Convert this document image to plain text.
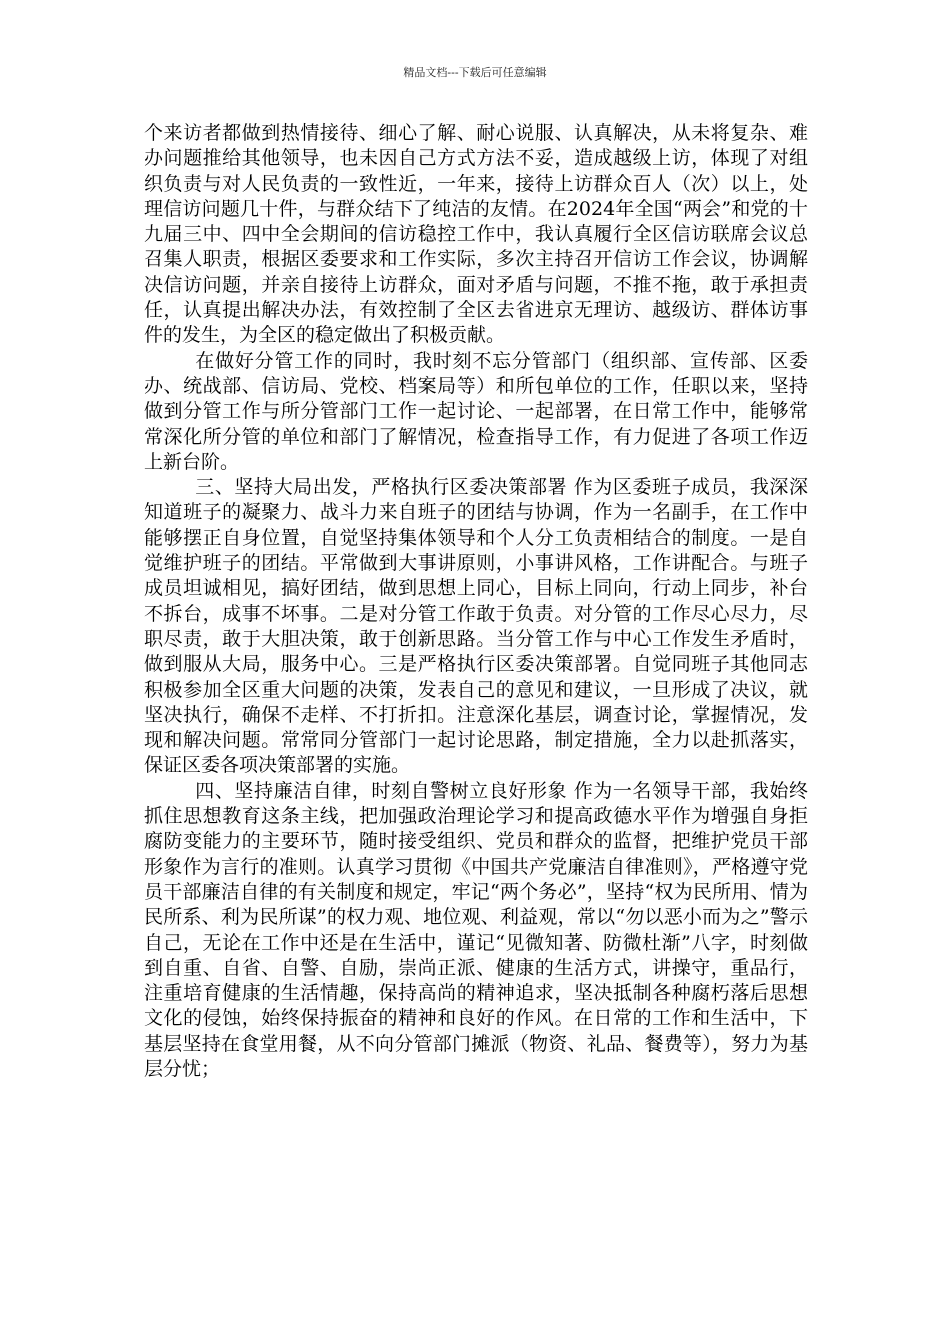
精品文档---下载后可任意编辑

个来访者都做到热情接待、细心了解、耐心说服、认真解决，从未将复杂、难办问题推给其他领导，也未因自己方式方法不妥，造成越级上访，体现了对组织负责与对人民负责的一致性近，一年来，接待上访群众百人（次）以上，处理信访问题几十件，与群众结下了纯洁的友情。在2024年全国“两会”和党的十九届三中、四中全会期间的信访稳控工作中，我认真履行全区信访联席会议总召集人职责，根据区委要求和工作实际，多次主持召开信访工作会议，协调解决信访问题，并亲自接待上访群众，面对矛盾与问题，不推不拖，敢于承担责任，认真提出解决办法，有效控制了全区去省进京无理访、越级访、群体访事件的发生，为全区的稳定做出了积极贡献。

在做好分管工作的同时，我时刻不忘分管部门（组织部、宣传部、区委办、统战部、信访局、党校、档案局等）和所包单位的工作，任职以来，坚持做到分管工作与所分管部门工作一起讨论、一起部署，在日常工作中，能够常常深化所分管的单位和部门了解情况，检查指导工作，有力促进了各项工作迈上新台阶。

三、坚持大局出发，严格执行区委决策部署 作为区委班子成员，我深深知道班子的凝聚力、战斗力来自班子的团结与协调，作为一名副手，在工作中能够摆正自身位置，自觉坚持集体领导和个人分工负责相结合的制度。一是自觉维护班子的团结。平常做到大事讲原则，小事讲风格，工作讲配合。与班子成员坦诚相见，搞好团结，做到思想上同心，目标上同向，行动上同步，补台不拆台，成事不坏事。二是对分管工作敢于负责。对分管的工作尽心尽力，尽职尽责，敢于大胆决策，敢于创新思路。当分管工作与中心工作发生矛盾时，做到服从大局，服务中心。三是严格执行区委决策部署。自觉同班子其他同志积极参加全区重大问题的决策，发表自己的意见和建议，一旦形成了决议，就坚决执行，确保不走样、不打折扣。注意深化基层，调查讨论，掌握情况，发现和解决问题。常常同分管部门一起讨论思路，制定措施，全力以赴抓落实，保证区委各项决策部署的实施。

四、坚持廉洁自律，时刻自警树立良好形象 作为一名领导干部，我始终抓住思想教育这条主线，把加强政治理论学习和提高政德水平作为增强自身拒腐防变能力的主要环节，随时接受组织、党员和群众的监督，把维护党员干部形象作为言行的准则。认真学习贯彻《中国共产党廉洁自律准则》，严格遵守党员干部廉洁自律的有关制度和规定，牢记“两个务必”，坚持“权为民所用、情为民所系、利为民所谋”的权力观、地位观、利益观，常以“勿以恶小而为之”警示自己，无论在工作中还是在生活中，谨记“见微知著、防微杜渐”八字，时刻做到自重、自省、自警、自励，崇尚正派、健康的生活方式，讲操守，重品行，注重培育健康的生活情趣，保持高尚的精神追求，坚决抵制各种腐朽落后思想文化的侵蚀，始终保持振奋的精神和良好的作风。在日常的工作和生活中，下基层坚持在食堂用餐，从不向分管部门摊派（物资、礼品、餐费等），努力为基层分忧；
